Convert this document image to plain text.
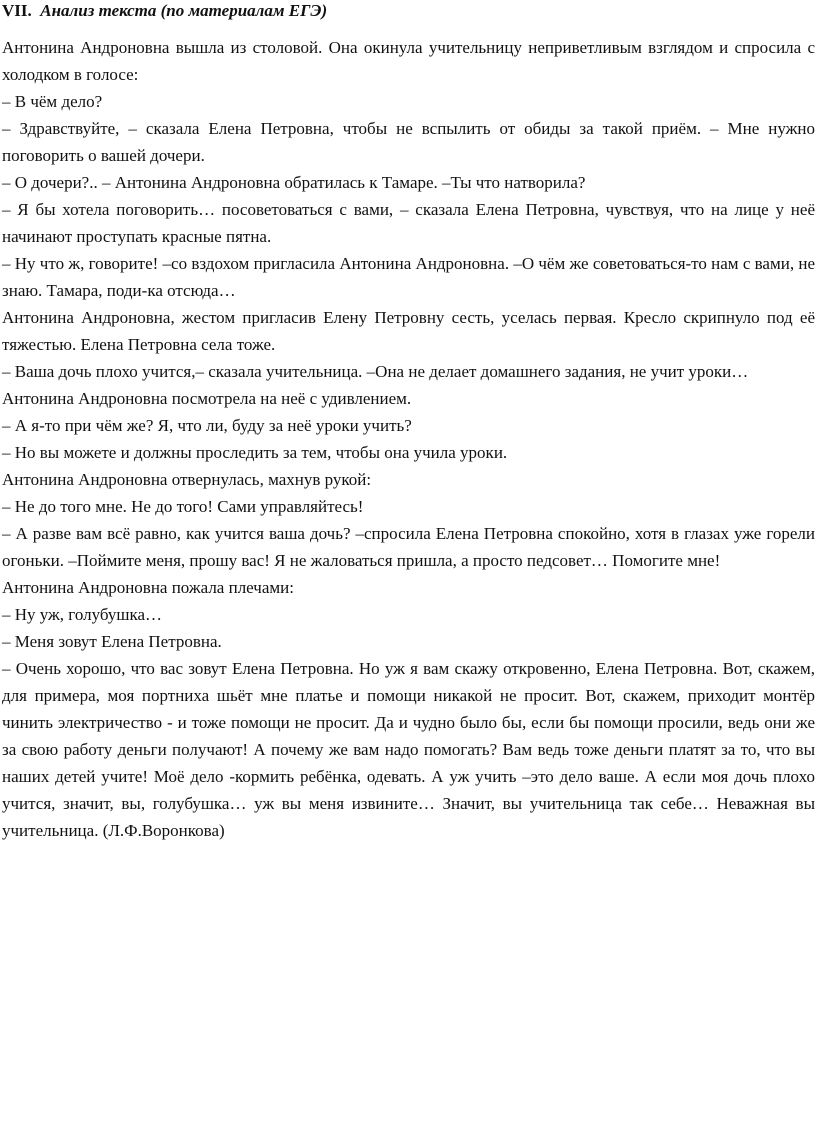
VII. Анализ текста (по материалам ЕГЭ)

Антонина Андроновна вышла из столовой. Она окинула учительницу неприветливым взглядом и спросила с холодком в голосе:

– В чём дело?

– Здравствуйте, – сказала Елена Петровна, чтобы не вспылить от обиды за такой приём. – Мне нужно поговорить о вашей дочери.

– О дочери?.. – Антонина Андроновна обратилась к Тамаре. –Ты что натворила?

– Я бы хотела поговорить… посоветоваться с вами, – сказала Елена Петровна, чувствуя, что на лице у неё начинают проступать красные пятна.

– Ну что ж, говорите! –со вздохом пригласила Антонина Андроновна. –О чём же советоваться-то нам с вами, не знаю. Тамара, поди-ка отсюда…

Антонина Андроновна, жестом пригласив Елену Петровну сесть, уселась первая. Кресло скрипнуло под её тяжестью. Елена Петровна села тоже.

– Ваша дочь плохо учится,– сказала учительница. –Она не делает домашнего задания, не учит уроки…

Антонина Андроновна посмотрела на неё с удивлением.

– А я-то при чём же? Я, что ли, буду за неё уроки учить?

– Но вы можете и должны проследить за тем, чтобы она учила уроки.

Антонина Андроновна отвернулась, махнув рукой:

– Не до того мне. Не до того! Сами управляйтесь!

– А разве вам всё равно, как учится ваша дочь? –спросила Елена Петровна спокойно, хотя в глазах уже горели огоньки. –Поймите меня, прошу вас! Я не жаловаться пришла, а просто педсовет… Помогите мне!

Антонина Андроновна пожала плечами:

– Ну уж, голубушка…

– Меня зовут Елена Петровна.

– Очень хорошо, что вас зовут Елена Петровна. Но уж я вам скажу откровенно, Елена Петровна. Вот, скажем, для примера, моя портниха шьёт мне платье и помощи никакой не просит. Вот, скажем, приходит монтёр чинить электричество - и тоже помощи не просит. Да и чудно было бы, если бы помощи просили, ведь они же за свою работу деньги получают! А почему же вам надо помогать? Вам ведь тоже деньги платят за то, что вы наших детей учите! Моё дело -кормить ребёнка, одевать. А уж учить –это дело ваше. А если моя дочь плохо учится, значит, вы, голубушка… уж вы меня извините… Значит, вы учительница так себе… Неважная вы учительница. (Л.Ф.Воронкова)
